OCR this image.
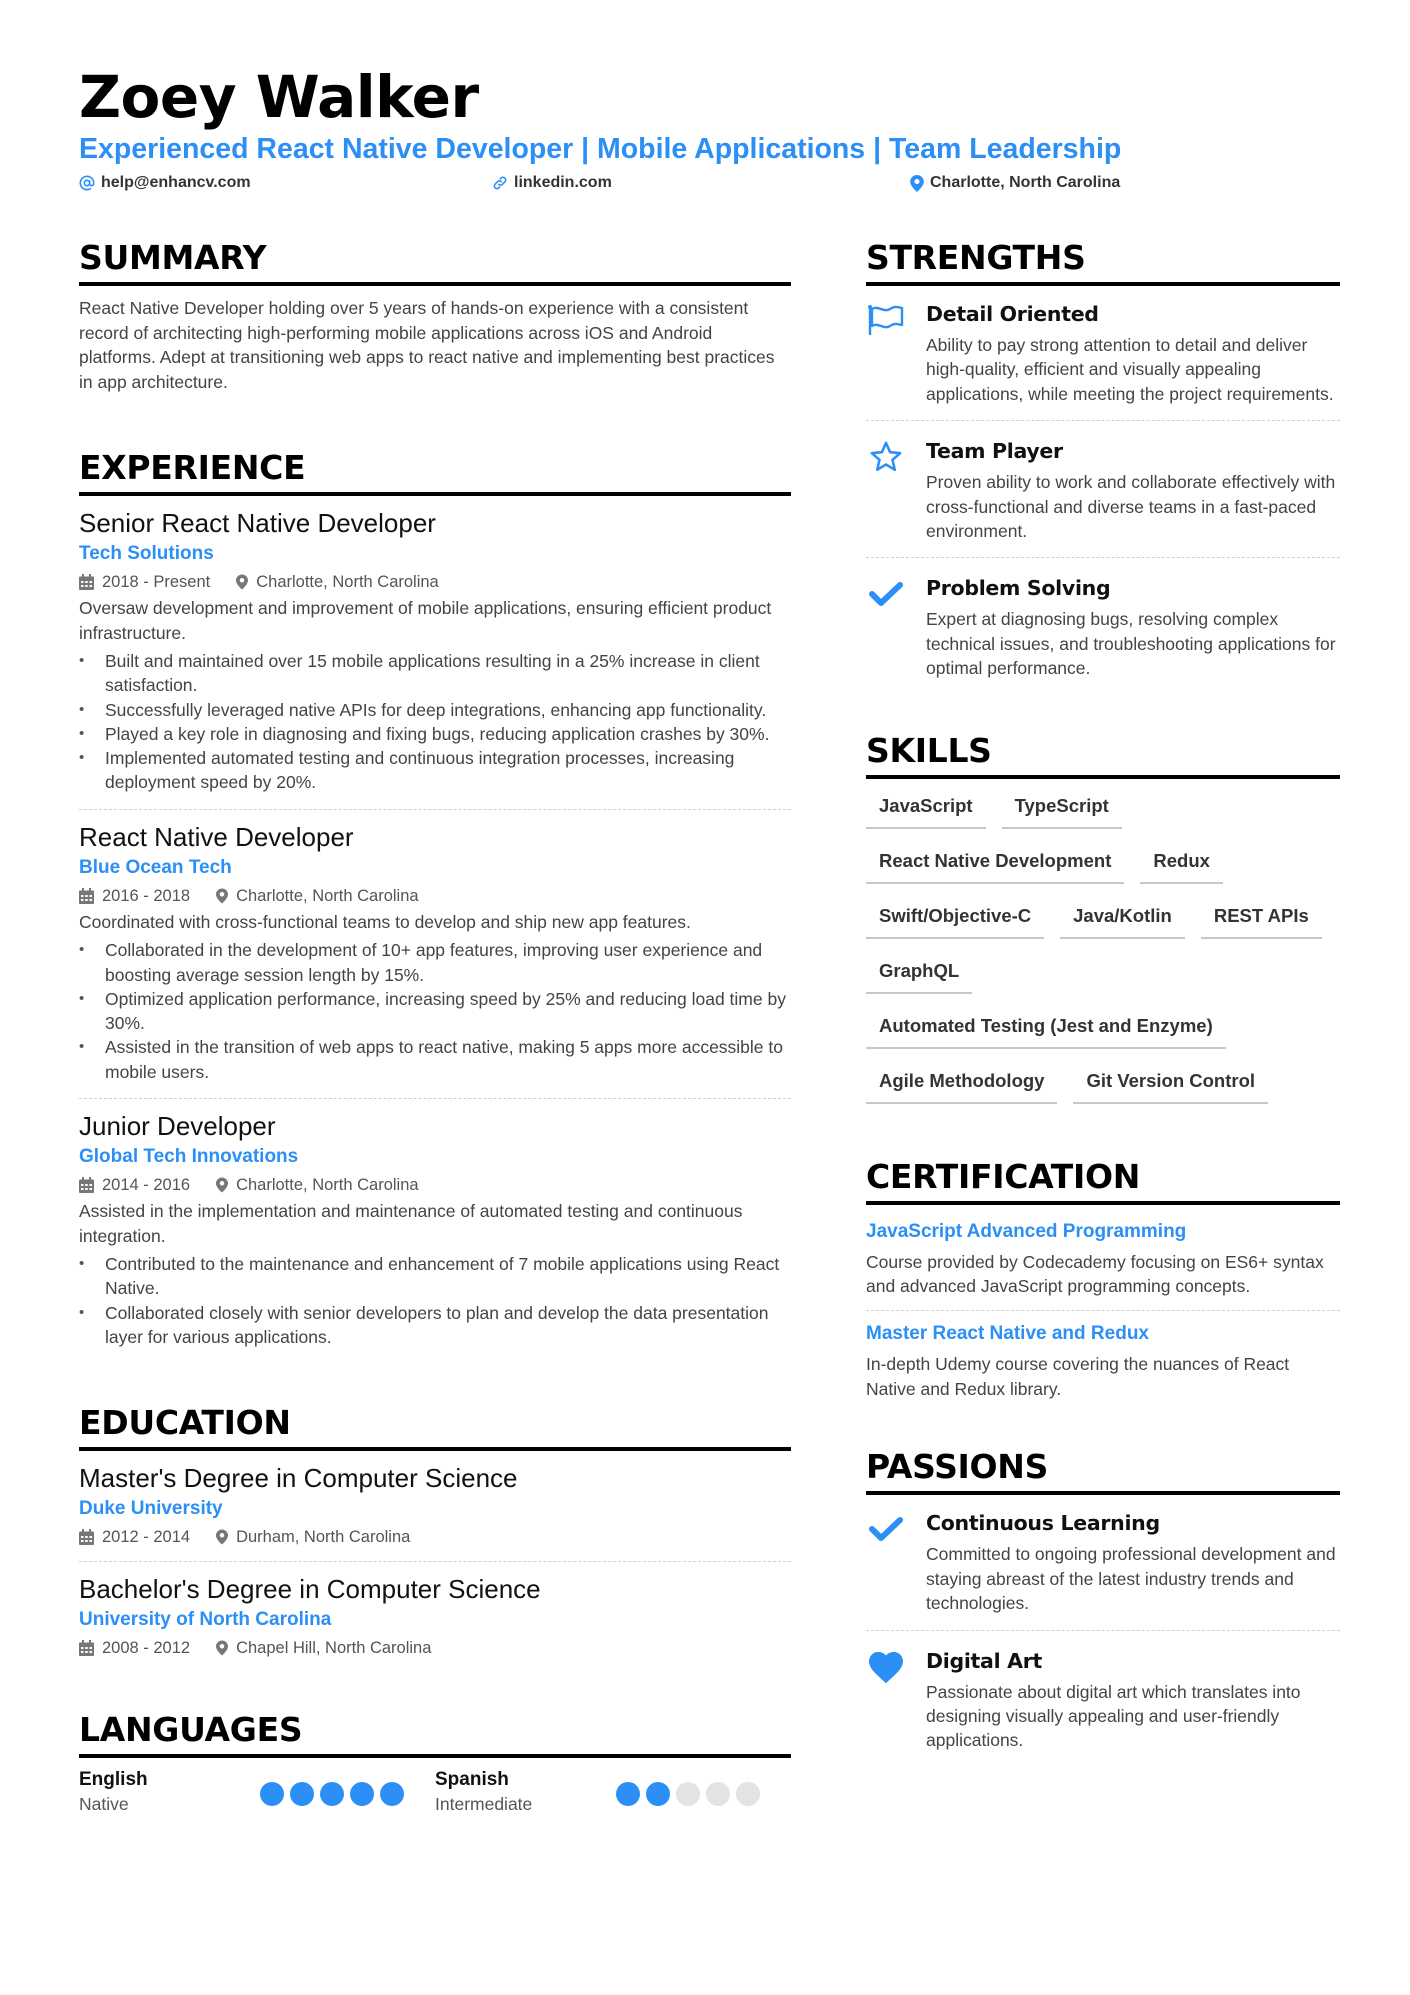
Zoey Walker
Experienced React Native Developer | Mobile Applications | Team Leadership
help@enhancv.com	linkedin.com	Charlotte, North Carolina
SUMMARY

React Native Developer holding over 5 years of hands-on experience with a consistent record of architecting high-performing mobile applications across iOS and Android platforms. Adept at transitioning web apps to react native and implementing best practices in app architecture.

EXPERIENCE
Senior React Native Developer
Tech Solutions
2018 - Present	Charlotte, North Carolina

Oversaw development and improvement of mobile applications, ensuring efficient product infrastructure.

• Built and maintained over 15 mobile applications resulting in a 25% increase in client satisfaction.
• Successfully leveraged native APIs for deep integrations, enhancing app functionality.
• Played a key role in diagnosing and fixing bugs, reducing application crashes by 30%.
• Implemented automated testing and continuous integration processes, increasing deployment speed by 20%.
React Native Developer
Blue Ocean Tech
2016 - 2018	Charlotte, North Carolina

Coordinated with cross-functional teams to develop and ship new app features.

• Collaborated in the development of 10+ app features, improving user experience and boosting average session length by 15%.
• Optimized application performance, increasing speed by 25% and reducing load time by 30%.
• Assisted in the transition of web apps to react native, making 5 apps more accessible to mobile users.
Junior Developer
Global Tech Innovations
2014 - 2016	Charlotte, North Carolina

Assisted in the implementation and maintenance of automated testing and continuous integration.

• Contributed to the maintenance and enhancement of 7 mobile applications using React Native.
• Collaborated closely with senior developers to plan and develop the data presentation layer for various applications.
EDUCATION
Master's Degree in Computer Science
Duke University
2012 - 2014	Durham, North Carolina
Bachelor's Degree in Computer Science
University of North Carolina
2008 - 2012	Chapel Hill, North Carolina
LANGUAGES
English
Native
Spanish
Intermediate
STRENGTHS
Detail Oriented
Ability to pay strong attention to detail and deliver high-quality, efficient and visually appealing applications, while meeting the project requirements.
Team Player
Proven ability to work and collaborate effectively with cross-functional and diverse teams in a fast-paced environment.
Problem Solving
Expert at diagnosing bugs, resolving complex technical issues, and troubleshooting applications for optimal performance.
SKILLS
JavaScript	TypeScript
React Native Development	Redux
Swift/Objective-C	Java/Kotlin	REST APIs
GraphQL
Automated Testing (Jest and Enzyme)
Agile Methodology	Git Version Control
CERTIFICATION
JavaScript Advanced Programming
Course provided by Codecademy focusing on ES6+ syntax and advanced JavaScript programming concepts.
Master React Native and Redux
In-depth Udemy course covering the nuances of React Native and Redux library.
PASSIONS
Continuous Learning
Committed to ongoing professional development and staying abreast of the latest industry trends and technologies.
Digital Art
Passionate about digital art which translates into designing visually appealing and user-friendly applications.
